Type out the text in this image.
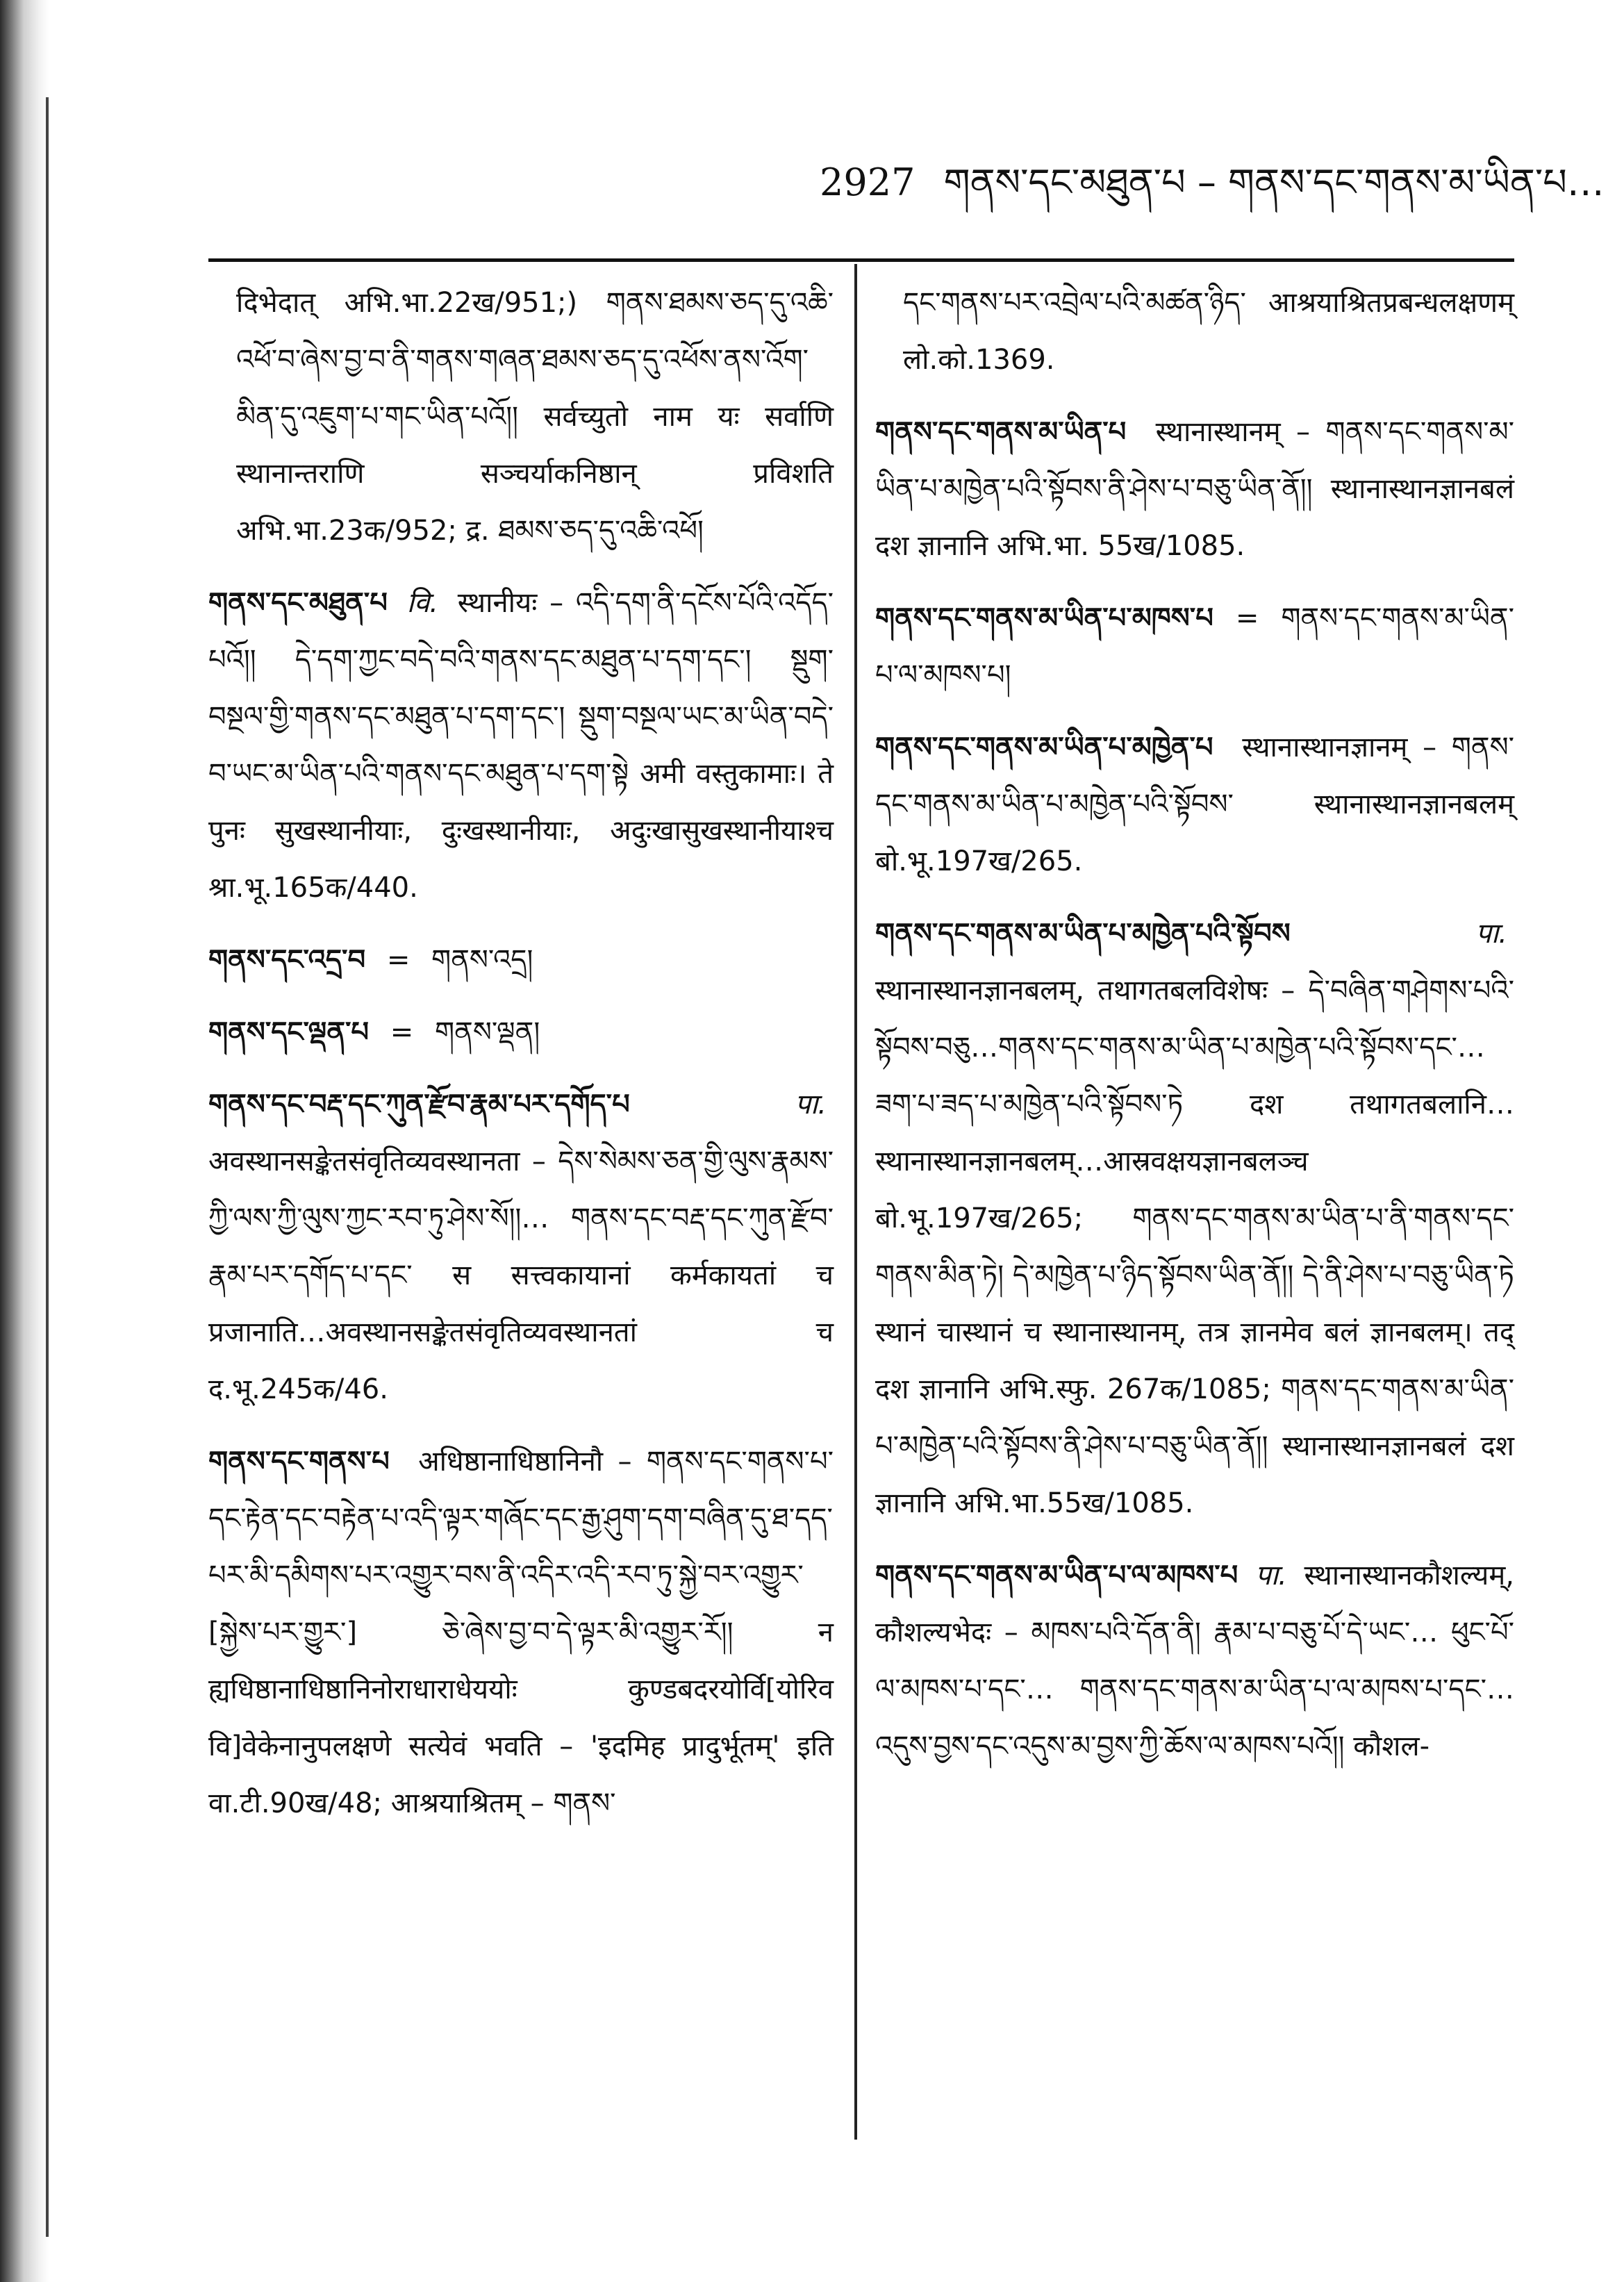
2927 གནས་དང་མཐུན་པ – གནས་དང་གནས་མ་ཡིན་པ…

दिभेदात् अभि.भा.22ख/951;) གནས་ཐམས་ཅད་དུ་འཆི་འཕོ་བ་ཞེས་བྱ་བ་ནི་གནས་གཞན་ཐམས་ཅད་དུ་འཕོས་ནས་འོག་མིན་དུ་འཇུག་པ་གང་ཡིན་པའོ།། सर्वच्युतो नाम यः सर्वाणि स्थानान्तराणि सञ्चर्याकनिष्ठान् प्रविशति अभि.भा.23क/952; द्र. ཐམས་ཅད་དུ་འཆི་འཕོ།

གནས་དང་མཐུན་པ वि. स्थानीयः – འདི་དག་ནི་དངོས་པོའི་འདོད་པའོ།། དེ་དག་ཀྱང་བདེ་བའི་གནས་དང་མཐུན་པ་དག་དང་། སྡུག་བསྔལ་གྱི་གནས་དང་མཐུན་པ་དག་དང་། སྡུག་བསྔལ་ཡང་མ་ཡིན་བདེ་བ་ཡང་མ་ཡིན་པའི་གནས་དང་མཐུན་པ་དག་སྟེ अमी वस्तुकामाः। ते पुनः सुखस्थानीयाः, दुःखस्थानीयाः, अदुःखासुखस्थानीयाश्च श्रा.भू.165क/440.

གནས་དང་འདྲ་བ = གནས་འདྲ།

གནས་དང་ལྡན་པ = གནས་ལྡན།

གནས་དང་བརྡ་དང་ཀུན་རྫོབ་རྣམ་པར་དགོད་པ	पा. अवस्थानसङ्केतसंवृतिव्यवस्थानता – དེས་སེམས་ཅན་གྱི་ལུས་རྣམས་ཀྱི་ལས་ཀྱི་ལུས་ཀྱང་རབ་ཏུ་ཤེས་སོ།།… གནས་དང་བརྡ་དང་ཀུན་རྫོབ་རྣམ་པར་དགོད་པ་དང་ स सत्त्वकायानां कर्मकायतां च प्रजानाति…अवस्थानसङ्केतसंवृतिव्यवस्थानतां च द.भू.245क/46.

གནས་དང་གནས་པ अधिष्ठानाधिष्ठानिनौ – གནས་དང་གནས་པ་དང་རྟེན་དང་བརྟེན་པ་འདི་ལྟར་གཞོང་དང་རྒྱ་ཤུག་དག་བཞིན་དུ་ཐ་དད་པར་མི་དམིགས་པར་འགྱུར་བས་ནི་འདིར་འདི་རབ་ཏུ་སྐྱེ་བར་འགྱུར་[སྐྱེས་པར་གྱུར་] ཅེ་ཞེས་བྱ་བ་དེ་ལྟར་མི་འགྱུར་རོ།། न ह्यधिष्ठानाधिष्ठानिनोराधाराधेययोः कुण्डबदरयोर्वि[योरिव वि]वेकेनानुपलक्षणे सत्येवं भवति – 'इदमिह प्रादुर्भूतम्' इति वा.टी.90ख/48; आश्रयाश्रितम् – གནས་

དང་གནས་པར་འབྲེལ་པའི་མཚན་ཉིད་ आश्रयाश्रितप्रबन्धलक्षणम् लो.को.1369.

གནས་དང་གནས་མ་ཡིན་པ स्थानास्थानम् – གནས་དང་གནས་མ་ཡིན་པ་མཁྱེན་པའི་སྟོབས་ནི་ཤེས་པ་བཅུ་ཡིན་ནོ།། स्थानास्थानज्ञानबलं दश ज्ञानानि अभि.भा. 55ख/1085.

གནས་དང་གནས་མ་ཡིན་པ་མཁས་པ = གནས་དང་གནས་མ་ཡིན་པ་ལ་མཁས་པ།

གནས་དང་གནས་མ་ཡིན་པ་མཁྱེན་པ स्थानास्थानज्ञानम् – གནས་དང་གནས་མ་ཡིན་པ་མཁྱེན་པའི་སྟོབས་ स्थानास्थानज्ञानबलम् बो.भू.197ख/265.

གནས་དང་གནས་མ་ཡིན་པ་མཁྱེན་པའི་སྟོབས	पा. स्थानास्थानज्ञानबलम्, तथागतबलविशेषः – དེ་བཞིན་གཤེགས་པའི་སྟོབས་བཅུ…གནས་དང་གནས་མ་ཡིན་པ་མཁྱེན་པའི་སྟོབས་དང་…ཟག་པ་ཟད་པ་མཁྱེན་པའི་སྟོབས་ཏེ दश तथागतबलानि…स्थानास्थानज्ञानबलम्…आस्रवक्षयज्ञानबलञ्च बो.भू.197ख/265; གནས་དང་གནས་མ་ཡིན་པ་ནི་གནས་དང་གནས་མིན་ཏེ། དེ་མཁྱེན་པ་ཉིད་སྟོབས་ཡིན་ནོ།། དེ་ནི་ཤེས་པ་བཅུ་ཡིན་ཏེ स्थानं चास्थानं च स्थानास्थानम्, तत्र ज्ञानमेव बलं ज्ञानबलम्। तद् दश ज्ञानानि अभि.स्फु. 267क/1085; གནས་དང་གནས་མ་ཡིན་པ་མཁྱེན་པའི་སྟོབས་ནི་ཤེས་པ་བཅུ་ཡིན་ནོ།། स्थानास्थानज्ञानबलं दश ज्ञानानि अभि.भा.55ख/1085.

གནས་དང་གནས་མ་ཡིན་པ་ལ་མཁས་པ पा. स्थानास्थानकौशल्यम्, कौशल्यभेदः – མཁས་པའི་དོན་ནི། རྣམ་པ་བཅུ་པོ་དེ་ཡང་… ཕུང་པོ་ལ་མཁས་པ་དང་… གནས་དང་གནས་མ་ཡིན་པ་ལ་མཁས་པ་དང་…འདུས་བྱས་དང་འདུས་མ་བྱས་ཀྱི་ཆོས་ལ་མཁས་པའོ།། कौशल-
